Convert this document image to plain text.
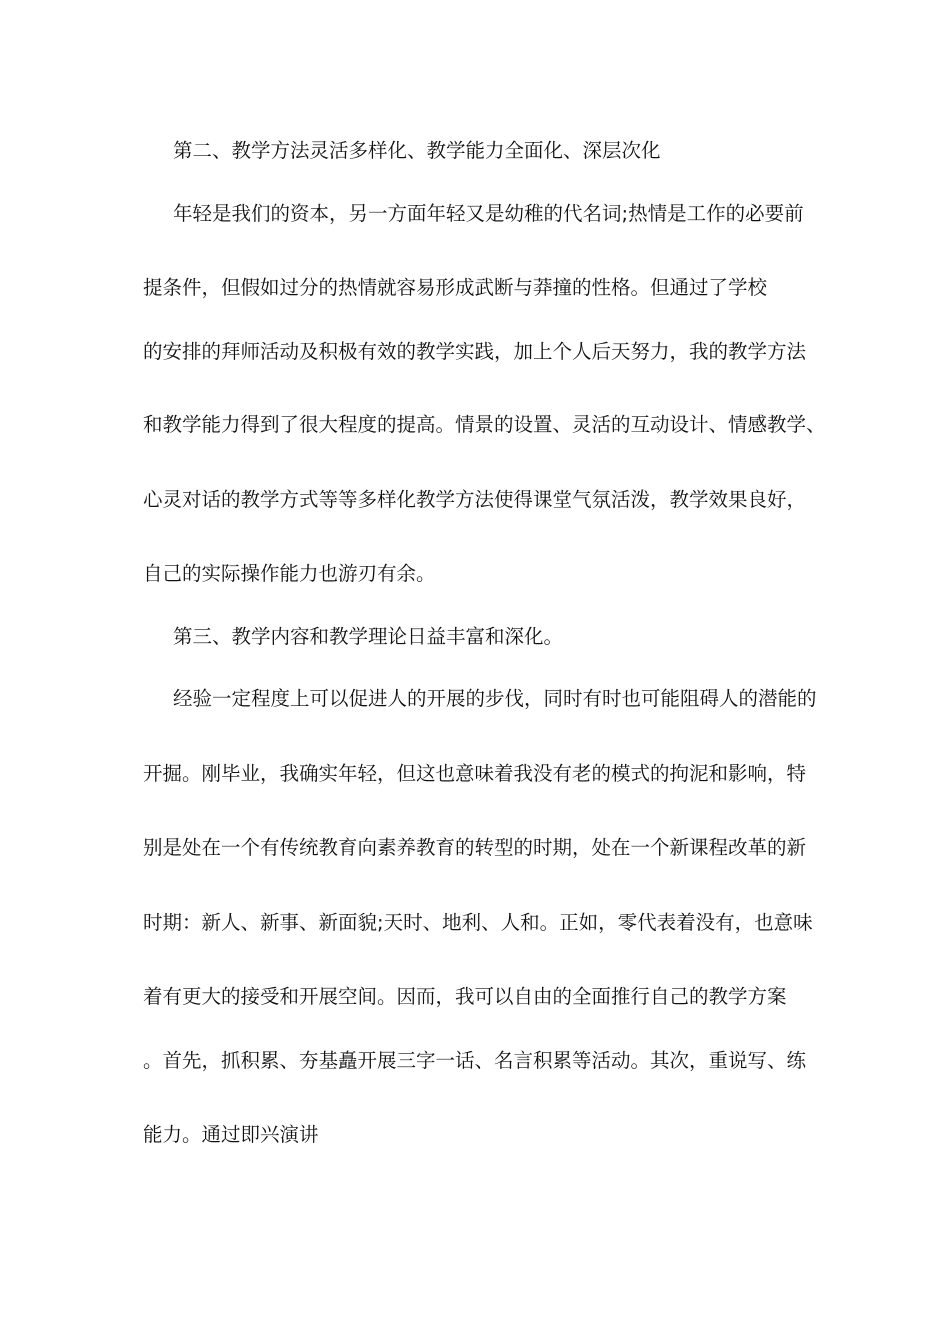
第二、教学方法灵活多样化、教学能力全面化、深层次化
年轻是我们的资本，另一方面年轻又是幼稚的代名词;热情是工作的必要前
提条件，但假如过分的热情就容易形成武断与莽撞的性格。但通过了学校
的安排的拜师活动及积极有效的教学实践，加上个人后天努力，我的教学方法
和教学能力得到了很大程度的提高。情景的设置、灵活的互动设计、情感教学、
心灵对话的教学方式等等多样化教学方法使得课堂气氛活泼，教学效果良好，
自己的实际操作能力也游刃有余。
第三、教学内容和教学理论日益丰富和深化。
经验一定程度上可以促进人的开展的步伐，同时有时也可能阻碍人的潜能的
开掘。刚毕业，我确实年轻，但这也意味着我没有老的模式的拘泥和影响，特
别是处在一个有传统教育向素养教育的转型的时期，处在一个新课程改革的新
时期：新人、新事、新面貌;天时、地利、人和。正如，零代表着没有，也意味
着有更大的接受和开展空间。因而，我可以自由的全面推行自己的教学方案
。首先，抓积累、夯基矗开展三字一话、名言积累等活动。其次，重说写、练
能力。通过即兴演讲
